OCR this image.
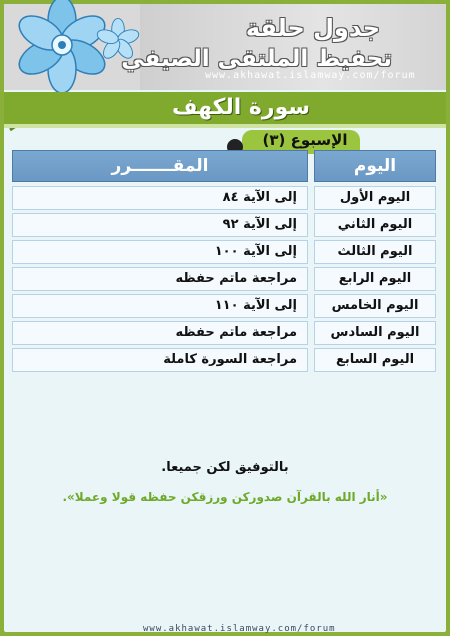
جدول حلقة
تحفيظ الملتقى الصيفي
www.akhawat.islamway.com/forum
سورة الكهف
الإسبوع (٣)
اليوم
المقـــــــرر
اليوم الأول
إلى الآية ٨٤
اليوم الثاني
إلى الآية ٩٢
اليوم الثالث
إلى الآية ١٠٠
اليوم الرابع
مراجعة ماتم حفظه
اليوم الخامس
إلى الآية ١١٠
اليوم السادس
مراجعة ماتم حفظه
اليوم السابع
مراجعة السورة كاملة
بالتوفيق لكن جميعا.
«أنار الله بالقرآن صدوركن ورزقكن حفظه قولا وعملا».
www.akhawat.islamway.com/forum
